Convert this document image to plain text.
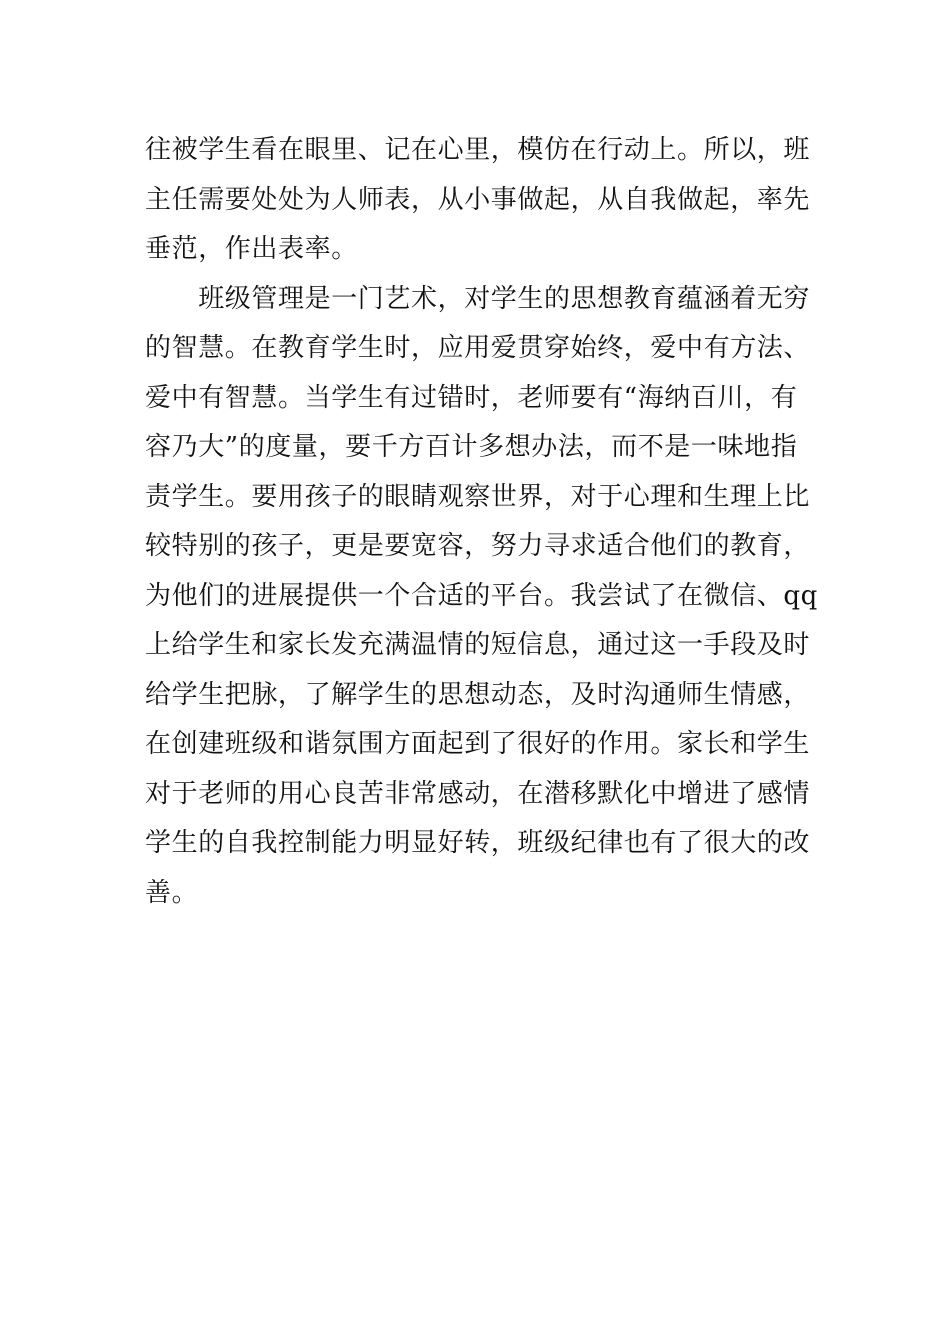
往被学生看在眼里、记在心里，模仿在行动上。所以，班
主任需要处处为人师表，从小事做起，从自我做起，率先
垂范，作出表率。
　　班级管理是一门艺术，对学生的思想教育蕴涵着无穷
的智慧。在教育学生时，应用爱贯穿始终，爱中有方法、
爱中有智慧。当学生有过错时，老师要有“海纳百川，有
容乃大”的度量，要千方百计多想办法，而不是一味地指
责学生。要用孩子的眼睛观察世界，对于心理和生理上比
较特别的孩子，更是要宽容，努力寻求适合他们的教育，
为他们的进展提供一个合适的平台。我尝试了在微信、qq
上给学生和家长发充满温情的短信息，通过这一手段及时
给学生把脉，了解学生的思想动态，及时沟通师生情感，
在创建班级和谐氛围方面起到了很好的作用。家长和学生
对于老师的用心良苦非常感动，在潜移默化中增进了感情
学生的自我控制能力明显好转，班级纪律也有了很大的改
善。
